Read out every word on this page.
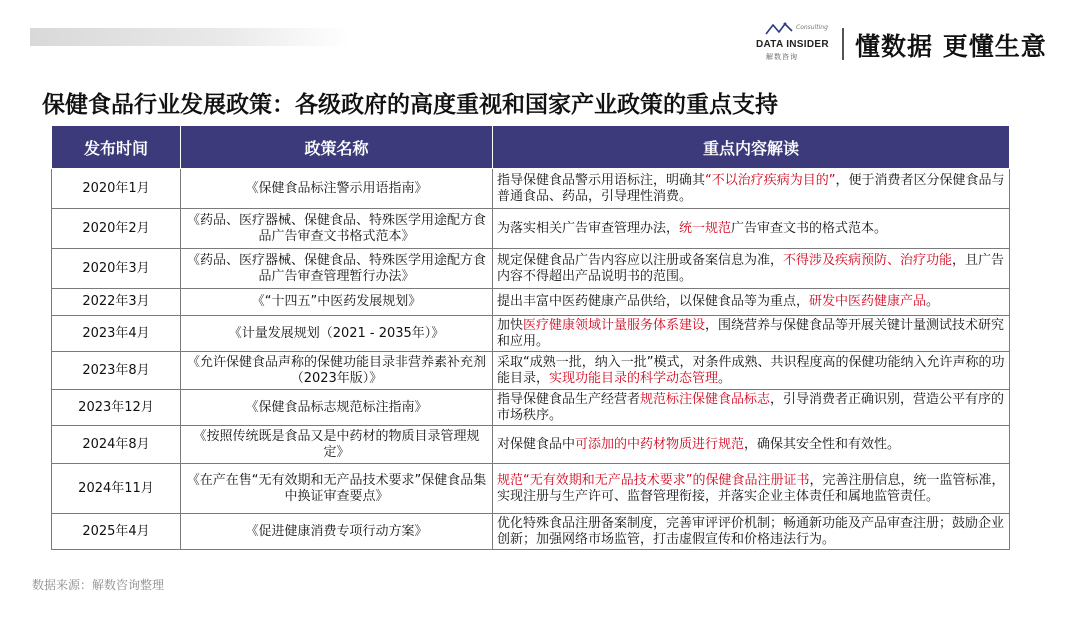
Consulting
DATA INSIDER
解数咨询 懂数据 更懂生意
保健食品行业发展政策：各级政府的高度重视和国家产业政策的重点支持
发布时间	政策名称	重点内容解读
2020年1月	《保健食品标注警示用语指南》	指导保健食品警示用语标注，明确其“不以治疗疾病为目的”，便于消费者区分保健食品与普通食品、药品，引导理性消费。
2020年2月	《药品、医疗器械、保健食品、特殊医学用途配方食品广告审查文书格式范本》	为落实相关广告审查管理办法，统一规范广告审查文书的格式范本。
2020年3月	《药品、医疗器械、保健食品、特殊医学用途配方食品广告审查管理暂行办法》	规定保健食品广告内容应以注册或备案信息为准，不得涉及疾病预防、治疗功能，且广告内容不得超出产品说明书的范围。
2022年3月	《“十四五”中医药发展规划》	提出丰富中医药健康产品供给，以保健食品等为重点，研发中医药健康产品。
2023年4月	《计量发展规划（2021 - 2035年）》	加快医疗健康领域计量服务体系建设，围绕营养与保健食品等开展关键计量测试技术研究和应用。
2023年8月	《允许保健食品声称的保健功能目录非营养素补充剂（2023年版）》	采取“成熟一批，纳入一批”模式，对条件成熟、共识程度高的保健功能纳入允许声称的功能目录，实现功能目录的科学动态管理。
2023年12月	《保健食品标志规范标注指南》	指导保健食品生产经营者规范标注保健食品标志，引导消费者正确识别，营造公平有序的市场秩序。
2024年8月	《按照传统既是食品又是中药材的物质目录管理规定》	对保健食品中可添加的中药材物质进行规范，确保其安全性和有效性。
2024年11月	《在产在售“无有效期和无产品技术要求”保健食品集中换证审查要点》	规范“无有效期和无产品技术要求”的保健食品注册证书，完善注册信息，统一监管标准，实现注册与生产许可、监督管理衔接，并落实企业主体责任和属地监管责任。
2025年4月	《促进健康消费专项行动方案》	优化特殊食品注册备案制度，完善审评评价机制；畅通新功能及产品审查注册；鼓励企业创新；加强网络市场监管，打击虚假宣传和价格违法行为。
数据来源：解数咨询整理
